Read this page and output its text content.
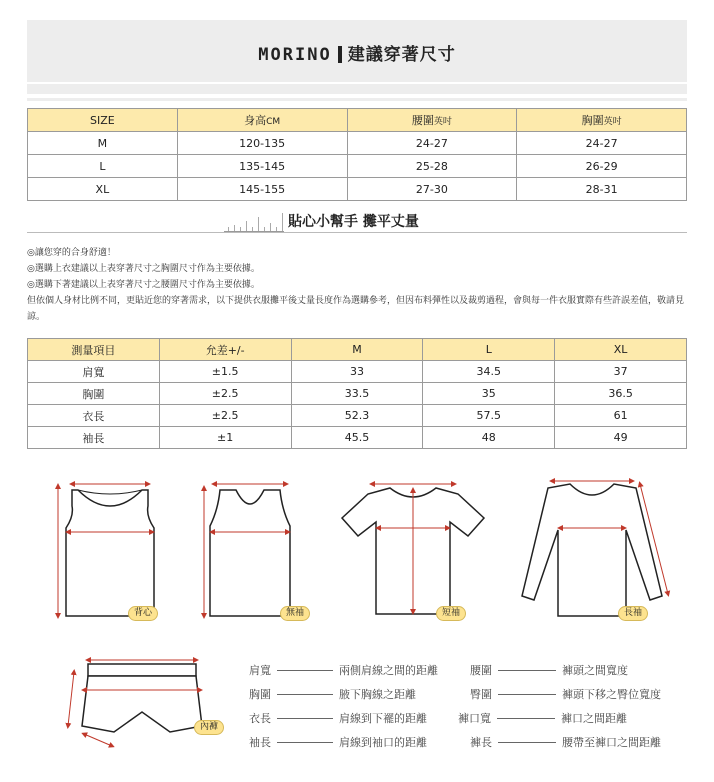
MORINO 建議穿著尺寸
SIZE	身高CM	腰圍英吋	胸圍英吋
M	120-135	24-27	24-27
L	135-145	25-28	26-29
XL	145-155	27-30	28-31
貼心小幫手 攤平丈量

◎讓您穿的合身舒適！

◎選購上衣建議以上表穿著尺寸之胸圍尺寸作為主要依據。

◎選購下著建議以上表穿著尺寸之腰圍尺寸作為主要依據。

但依個人身材比例不同，更貼近您的穿著需求，以下提供衣服攤平後丈量長度作為選購參考，但因布料彈性以及裁剪過程，會與每一件衣服實際有些許誤差值，敬請見諒。

測量項目	允差+/-	M	L	XL
肩寬	±1.5	33	34.5	37
胸圍	±2.5	33.5	35	36.5
衣長	±2.5	52.3	57.5	61
袖長	±1	45.5	48	49
背心	無袖	短袖	長袖
內褲
肩寬	兩側肩線之間的距離
胸圍	腋下胸線之距離
衣長	肩線到下襬的距離
袖長	肩線到袖口的距離
腰圍	褲頭之間寬度
臀圍	褲頭下移之臀位寬度
褲口寬	褲口之間距離
褲長	腰帶至褲口之間距離
